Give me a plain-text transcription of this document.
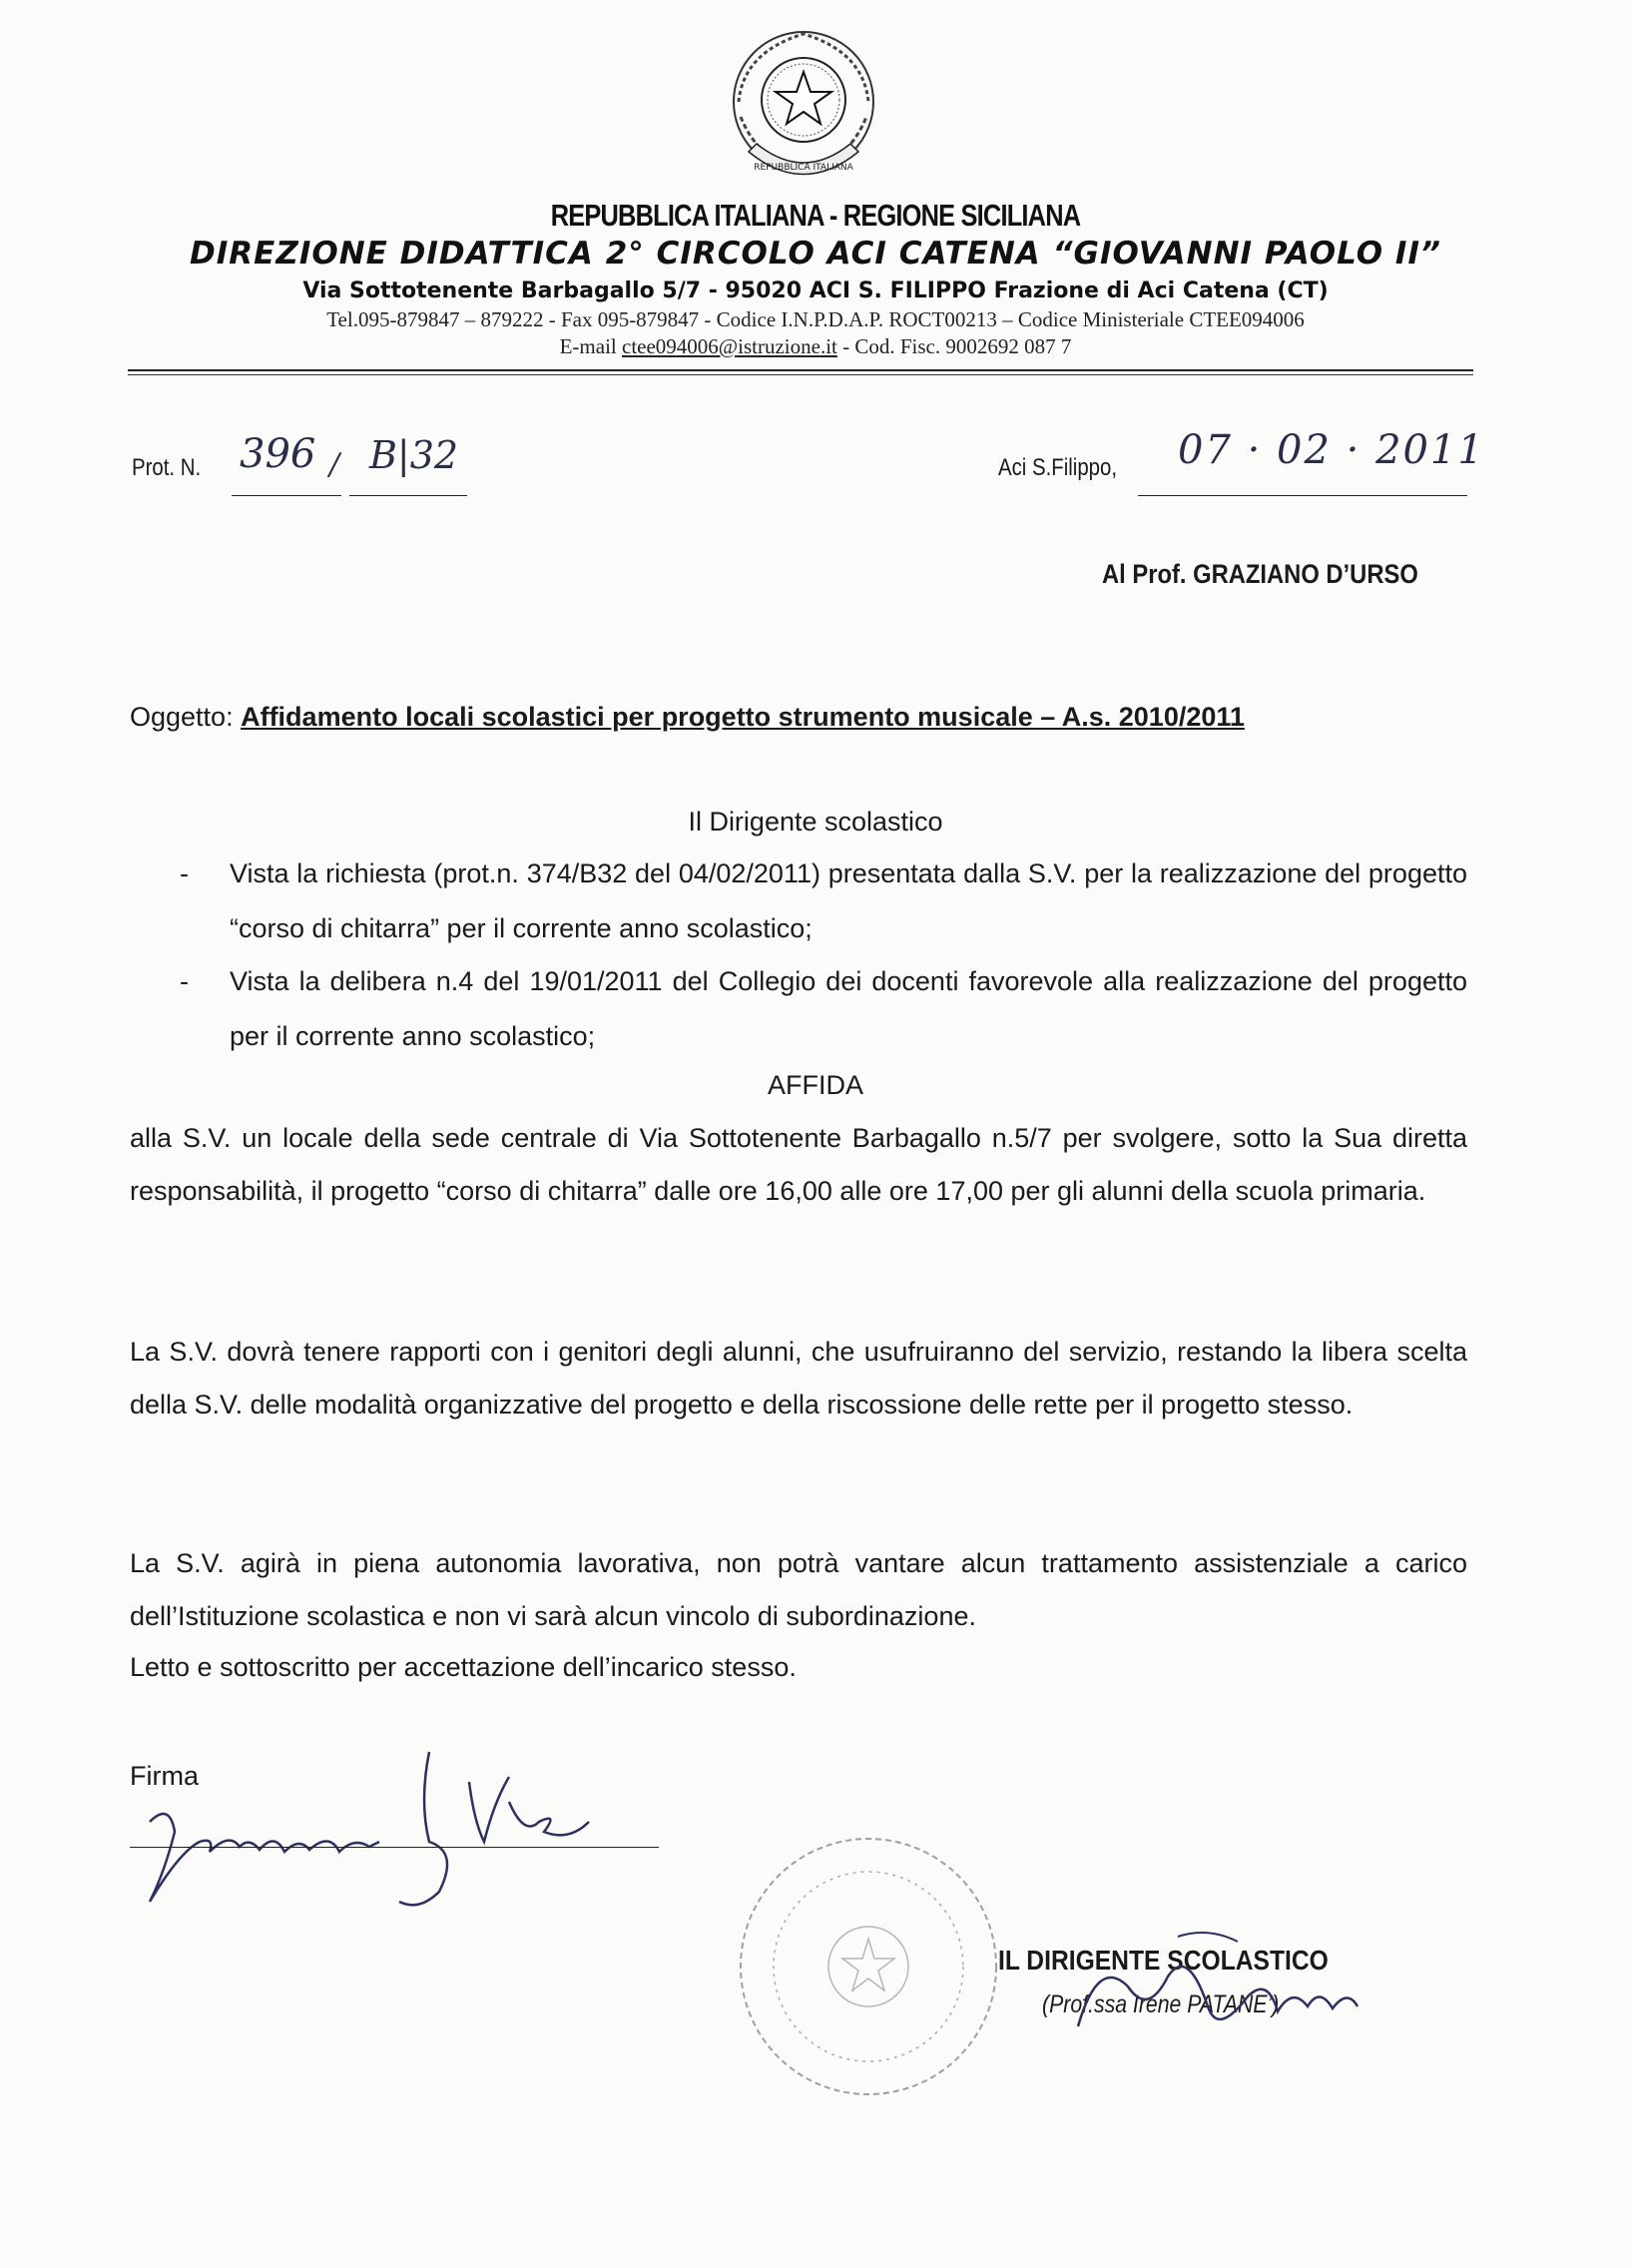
REPUBBLICA ITALIANA
REPUBBLICA ITALIANA - REGIONE SICILIANA
DIREZIONE DIDATTICA 2° CIRCOLO ACI CATENA “GIOVANNI PAOLO II”
Via Sottotenente Barbagallo 5/7 - 95020 ACI S. FILIPPO Frazione di Aci Catena (CT)
Tel.095-879847 – 879222 - Fax 095-879847 - Codice I.N.P.D.A.P. ROCT00213 – Codice Ministeriale CTEE094006
E-mail ctee094006@istruzione.it - Cod. Fisc. 9002692 087 7
Prot. N. 396 / B|32	Aci S.Filippo, 07 · 02 · 2011
Al Prof. GRAZIANO D’URSO
Oggetto: Affidamento locali scolastici per progetto strumento musicale – A.s. 2010/2011
Il Dirigente scolastico
- Vista la richiesta (prot.n. 374/B32 del 04/02/2011) presentata dalla S.V. per la realizzazione del progetto “corso di chitarra” per il corrente anno scolastico;
- Vista la delibera n.4 del 19/01/2011 del Collegio dei docenti favorevole alla realizzazione del progetto per il corrente anno scolastico;
AFFIDA
alla S.V. un locale della sede centrale di Via Sottotenente Barbagallo n.5/7 per svolgere, sotto la Sua diretta responsabilità, il progetto “corso di chitarra” dalle ore 16,00 alle ore 17,00 per gli alunni della scuola primaria.
La S.V. dovrà tenere rapporti con i genitori degli alunni, che usufruiranno del servizio, restando la libera scelta della S.V. delle modalità organizzative del progetto e della riscossione delle rette per il progetto stesso.
La S.V. agirà in piena autonomia lavorativa, non potrà vantare alcun trattamento assistenziale a carico dell’Istituzione scolastica e non vi sarà alcun vincolo di subordinazione.
Letto e sottoscritto per accettazione dell’incarico stesso.
Firma
IL DIRIGENTE SCOLASTICO
(Prof.ssa Irene PATANE’)
